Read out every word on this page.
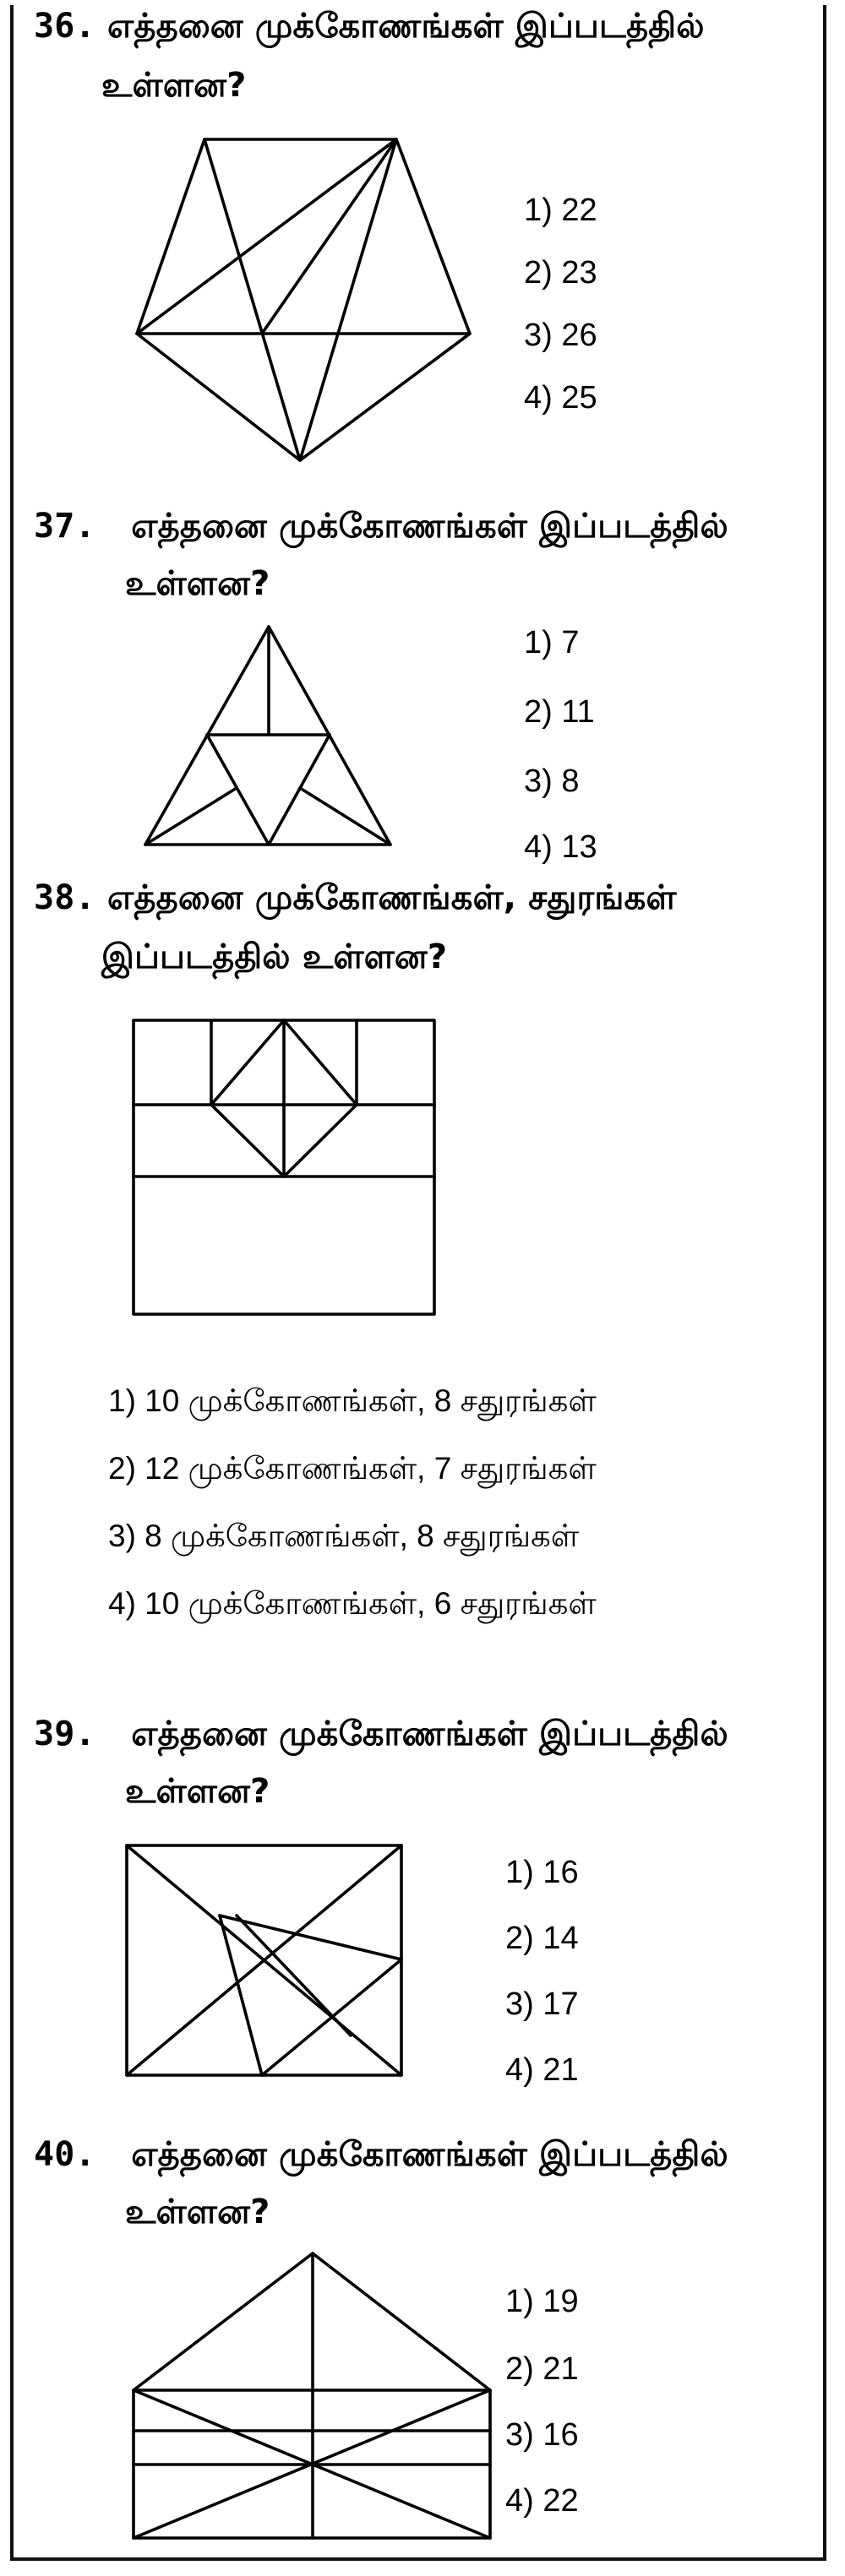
36. எத்தனை முக்கோணங்கள் இப்படத்தில்
உள்ளன?
1) 22
2) 23
3) 26
4) 25
37. எத்தனை முக்கோணங்கள் இப்படத்தில்
உள்ளன?
1) 7
2) 11
3) 8
4) 13
38. எத்தனை முக்கோணங்கள், சதுரங்கள்
இப்படத்தில் உள்ளன?
1) 10 முக்கோணங்கள், 8 சதுரங்கள்
2) 12 முக்கோணங்கள், 7 சதுரங்கள்
3) 8 முக்கோணங்கள், 8 சதுரங்கள்
4) 10 முக்கோணங்கள், 6 சதுரங்கள்
39. எத்தனை முக்கோணங்கள் இப்படத்தில்
உள்ளன?
1) 16
2) 14
3) 17
4) 21
40. எத்தனை முக்கோணங்கள் இப்படத்தில்
உள்ளன?
1) 19
2) 21
3) 16
4) 22
